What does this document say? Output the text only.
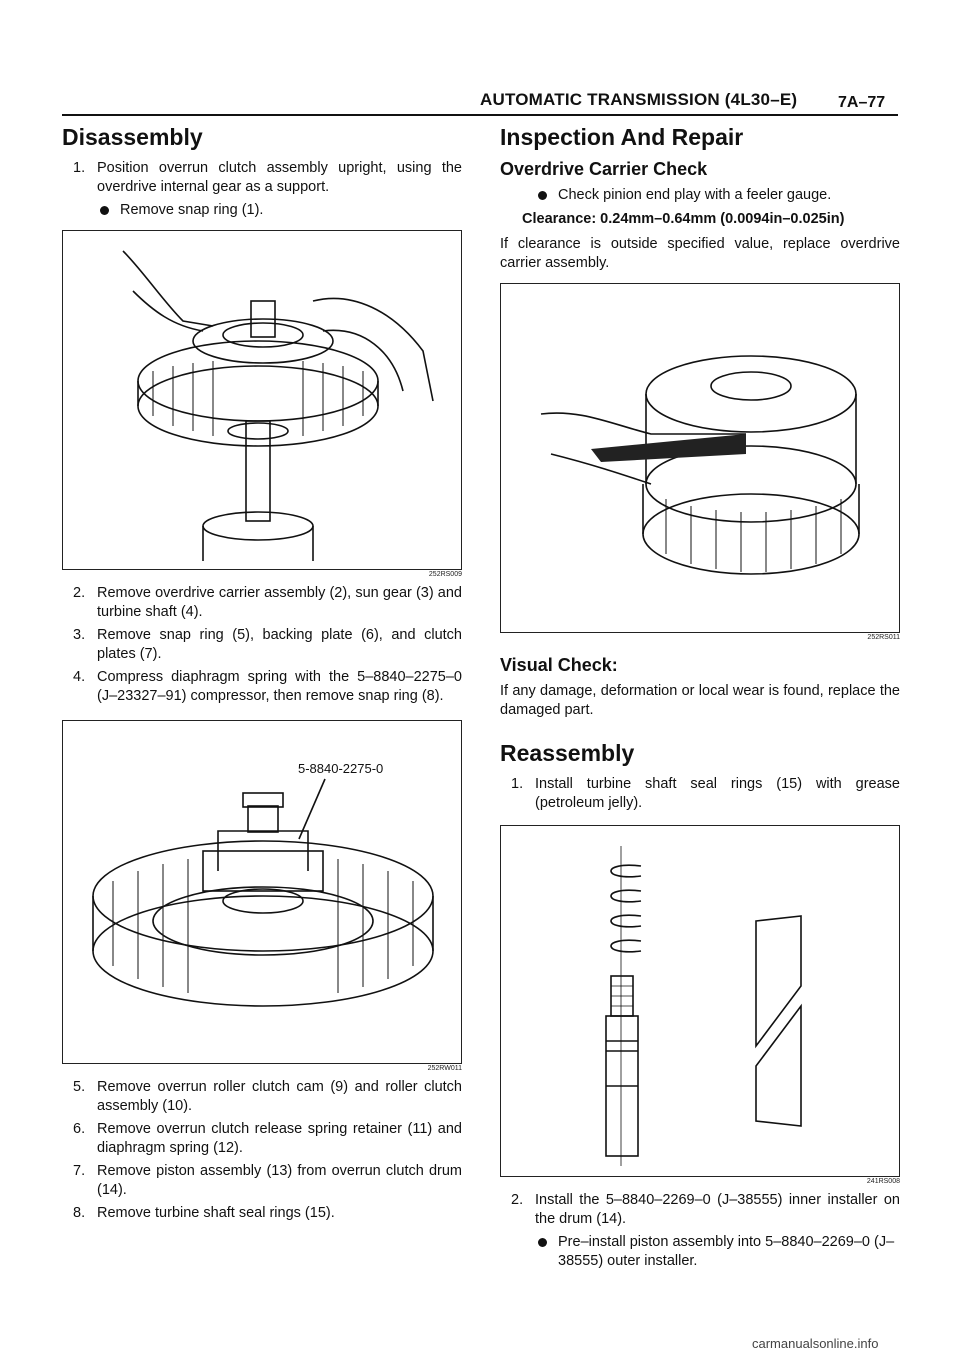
AUTOMATIC TRANSMISSION (4L30–E)	7A–77
Disassembly
1. Position overrun clutch assembly upright, using the overdrive internal gear as a support.
Remove snap ring (1).
252RS009
2. Remove overdrive carrier assembly (2), sun gear (3) and turbine shaft (4).
3. Remove snap ring (5), backing plate (6), and clutch plates (7).
4. Compress diaphragm spring with the 5–8840–2275–0 (J–23327–91) compressor, then remove snap ring (8).
5-8840-2275-0
252RW011
5. Remove overrun roller clutch cam (9) and roller clutch assembly (10).
6. Remove overrun clutch release spring retainer (11) and diaphragm spring (12).
7. Remove piston assembly (13) from overrun clutch drum (14).
8. Remove turbine shaft seal rings (15).
Inspection And Repair
Overdrive Carrier Check
Check pinion end play with a feeler gauge.
Clearance: 0.24mm–0.64mm (0.0094in–0.025in)
If clearance is outside specified value, replace overdrive carrier assembly.
252RS011
Visual Check:
If any damage, deformation or local wear is found, replace the damaged part.
Reassembly
1. Install turbine shaft seal rings (15) with grease (petroleum jelly).
241RS008
2. Install the 5–8840–2269–0 (J–38555) inner installer on the drum (14).
Pre–install piston assembly into 5–8840–2269–0 (J–38555) outer installer.
carmanualsonline.info
